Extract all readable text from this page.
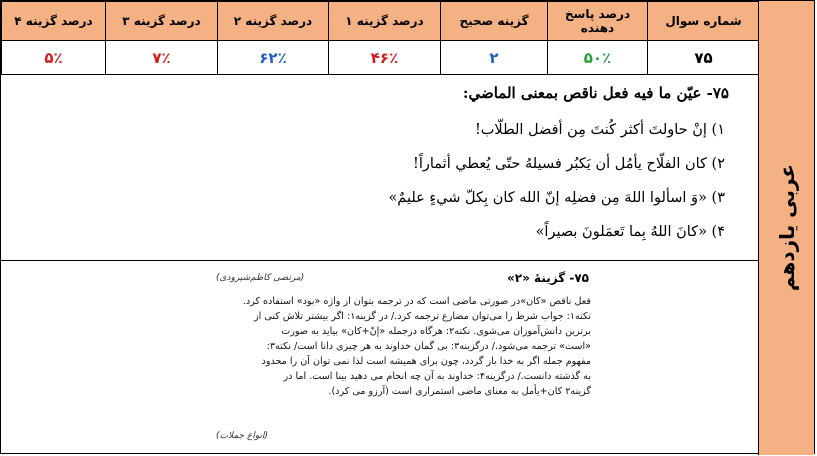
شماره سوال	درصد پاسخ دهنده	گزینه صحیح	درصد گزینه ۱	درصد گزینه ۲	درصد گزینه ۳	درصد گزینه ۴
۷۵	۵۰٪	۲	۴۶٪	۶۲٪	۷٪	۵٪
۷۵- عیّن ما فیه فعل ناقص بمعنی الماضي:
۱) إنْ حاولتَ أكثر كُنتَ مِن أفضل الطلّاب!
۲) كان الفلّاح يأمُل أن يَكبُر فسيلهُ حتّى يُعطي أثماراً!
۳) «وَ اسألوا اللهَ مِن فضلِه إنّ الله كان بِكلّ شيءٍ عليمٌ»
۴) «كانَ اللهُ بِما تَعمَلونَ بصيراً»
۷۵- گزینهٔ «۲»
(مرتضی کاظم‌شیرودی)
فعل ناقص «کان»در صورتی ماضی است که در ترجمه بتوان از واژه «بود» استفاده کرد.
نکته۱: جواب شرط را می‌توان مضارع ترجمه کرد./ در گزینه۱: اگر بیشتر تلاش کنی از
برترین دانش‌آموزان می‌شوی. نکته۲: هرگاه درجمله «إنّ+کان» بیاید به صورت
«است» ترجمه می‌شود./ درگزینه۳: بی گمان خداوند به هر چیزی دانا است/ نکته۳:
مفهوم جمله اگر به خدا باز گردد، چون برای همیشه است لذا نمی توان آن را محدود
به گذشته دانست./ درگزینه۴: خداوند به آن چه انجام می دهید بینا است. اما در
گزینه۲ کان+یأمل به معنای ماضی استمراری است (آرزو می کرد).
(انواع جملات)
عربی یازدهم
